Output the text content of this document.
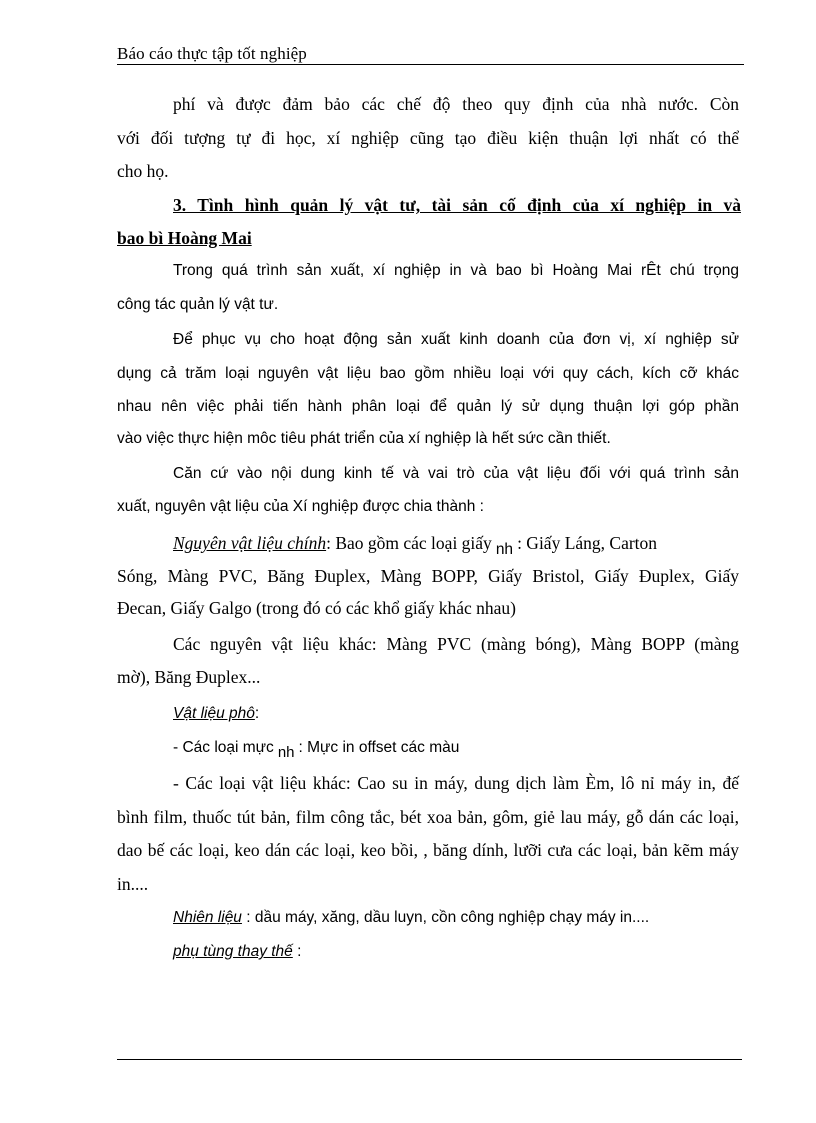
Báo cáo thực tập tốt nghiệp
phí và được đảm bảo các chế độ theo quy định của nhà nước. Còn
với đối tượng tự đi học, xí nghiệp cũng tạo điều kiện thuận lợi nhất có thể
cho họ.
3. Tình hình quản lý vật tư, tài sản cố định của xí nghiệp in và
bao bì Hoàng Mai
Trong quá trình sản xuất, xí nghiệp in và bao bì Hoàng Mai rÊt chú trọng
công tác quản lý vật tư.
Để phục vụ cho hoạt động sản xuất kinh doanh của đơn vị, xí nghiệp sử
dụng cả trăm loại nguyên vật liệu bao gồm nhiều loại với quy cách, kích cỡ khác
nhau nên việc phải tiến hành phân loại để quản lý sử dụng thuận lợi góp phần
vào việc thực hiện môc tiêu phát triển của xí nghiệp là hết sức cần thiết.
Căn cứ vào nội dung kinh tế và vai trò của vật liệu đối với quá trình sản
xuất, nguyên vật liệu của Xí nghiệp được chia thành :
Nguyên vật liệu chính: Bao gồm các loại giấy nh : Giấy Láng, Carton
Sóng, Màng PVC, Băng Đuplex, Màng BOPP, Giấy Bristol, Giấy Đuplex, Giấy
Đecan, Giấy Galgo (trong đó có các khổ giấy khác nhau)
Các nguyên vật liệu khác: Màng PVC (màng bóng), Màng BOPP (màng
mờ), Băng Đuplex...
Vật liệu phô:
- Các loại mực nh : Mực in offset các màu
- Các loại vật liệu khác: Cao su in máy, dung dịch làm Èm, lô nỉ máy in, đế
bình film, thuốc tút bản, film công tắc, bét xoa bản, gôm, giẻ lau máy, gỗ dán các loại,
dao bế các loại, keo dán các loại, keo bồi, , băng dính, lưỡi cưa các loại, bản kẽm máy
in....
Nhiên liệu : dầu máy, xăng, dầu luyn, cồn công nghiệp chạy máy in....
phụ tùng thay thế :
